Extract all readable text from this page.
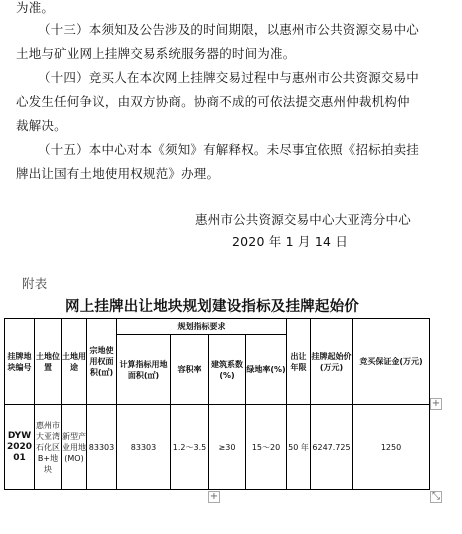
为准。
（十三）本须知及公告涉及的时间期限，以惠州市公共资源交易中心
土地与矿业网上挂牌交易系统服务器的时间为准。
（十四）竞买人在本次网上挂牌交易过程中与惠州市公共资源交易中
心发生任何争议，由双方协商。协商不成的可依法提交惠州仲裁机构仲
裁解决。
（十五）本中心对本《须知》有解释权。未尽事宜依照《招标拍卖挂
牌出让国有土地使用权规范》办理。
惠州市公共资源交易中心大亚湾分中心
2020 年 1 月 14 日
附表
网上挂牌出让地块规划建设指标及挂牌起始价
挂牌地块编号	土地位置	土地用途	宗地使用权面积(㎡)	规划指标要求				出让年限	挂牌起始价(万元)	竞买保证金(万元)
				计算指标用地面积(㎡)	容积率	建筑系数(%)	绿地率(%)			
DYW202001	惠州市大亚湾石化区B+地块	新型产业用地(MO)	83303	83303	1.2～3.5	≥30	15～20	50 年	6247.725	1250
+
+	⤡
